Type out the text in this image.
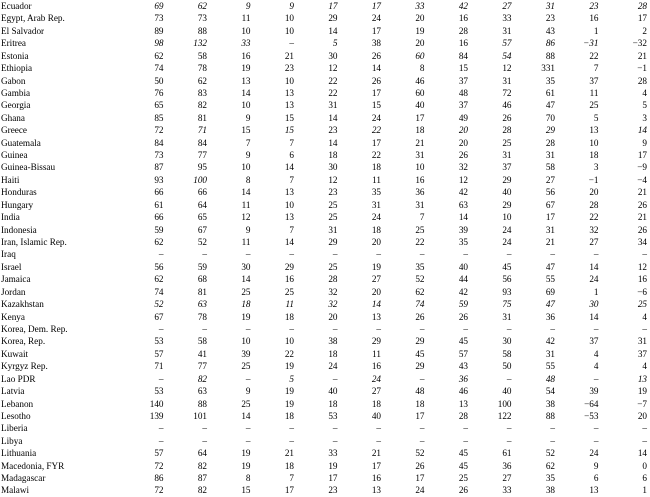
Ecuador	69	62	9	9	17	17	33	42	27	31	23	28
Egypt, Arab Rep.	73	73	11	10	29	24	20	16	33	23	16	17
El Salvador	89	88	10	10	14	17	19	28	31	43	1	2
Eritrea	98	132	33	–	5	38	20	16	57	86	−31	−32
Estonia	62	58	16	21	30	26	60	84	54	88	22	21
Ethiopia	74	78	19	23	12	14	8	15	12	331	7	−1
Gabon	50	62	13	10	22	26	46	37	31	35	37	28
Gambia	76	83	14	13	22	17	60	48	72	61	11	4
Georgia	65	82	10	13	31	15	40	37	46	47	25	5
Ghana	85	81	9	15	14	24	17	49	26	70	5	3
Greece	72	71	15	15	23	22	18	20	28	29	13	14
Guatemala	84	84	7	7	14	17	21	20	25	28	10	9
Guinea	73	77	9	6	18	22	31	26	31	31	18	17
Guinea-Bissau	87	95	10	14	30	18	10	32	37	58	3	−9
Haiti	93	100	8	7	12	11	16	12	29	27	−1	−4
Honduras	66	66	14	13	23	35	36	42	40	56	20	21
Hungary	61	64	11	10	25	31	31	63	29	67	28	26
India	66	65	12	13	25	24	7	14	10	17	22	21
Indonesia	59	67	9	7	31	18	25	39	24	31	32	26
Iran, Islamic Rep.	62	52	11	14	29	20	22	35	24	21	27	34
Iraq	–	–	–	–	–	–	–	–	–	–	–	–
Israel	56	59	30	29	25	19	35	40	45	47	14	12
Jamaica	62	68	14	16	28	27	52	44	56	55	24	16
Jordan	74	81	25	25	32	20	62	42	93	69	1	−6
Kazakhstan	52	63	18	11	32	14	74	59	75	47	30	25
Kenya	67	78	19	18	20	13	26	26	31	36	14	4
Korea, Dem. Rep.	–	–	–	–	–	–	–	–	–	–	–	–
Korea, Rep.	53	58	10	10	38	29	29	45	30	42	37	31
Kuwait	57	41	39	22	18	11	45	57	58	31	4	37
Kyrgyz Rep.	71	77	25	19	24	16	29	43	50	55	4	4
Lao PDR	–	82	–	5	–	24	–	36	–	48	–	13
Latvia	53	63	9	19	40	27	48	46	40	54	39	19
Lebanon	140	88	25	19	18	18	18	13	100	38	−64	−7
Lesotho	139	101	14	18	53	40	17	28	122	88	−53	20
Liberia	–	–	–	–	–	–	–	–	–	–	–	–
Libya	–	–	–	–	–	–	–	–	–	–	–	–
Lithuania	57	64	19	21	33	21	52	45	61	52	24	14
Macedonia, FYR	72	82	19	18	19	17	26	45	36	62	9	0
Madagascar	86	87	8	7	17	16	17	25	27	35	6	6
Malawi	72	82	15	17	23	13	24	26	33	38	13	1
